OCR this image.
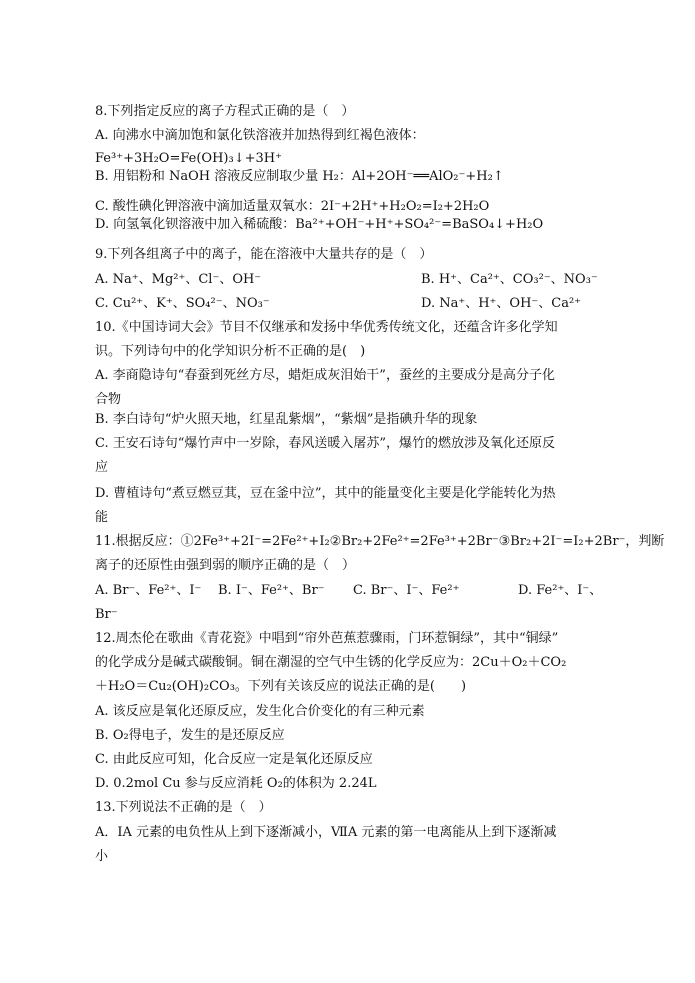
8.下列指定反应的离子方程式正确的是（　）
A. 向沸水中滴加饱和氯化铁溶液并加热得到红褐色液体：
Fe³⁺+3H₂O=Fe(OH)₃↓+3H⁺
B. 用铝粉和 NaOH 溶液反应制取少量 H₂：Al+2OH⁻══AlO₂⁻+H₂↑
C. 酸性碘化钾溶液中滴加适量双氧水：2I⁻+2H⁺+H₂O₂=I₂+2H₂O
D. 向氢氧化钡溶液中加入稀硫酸：Ba²⁺+OH⁻+H⁺+SO₄²⁻=BaSO₄↓+H₂O
9.下列各组离子中的离子，能在溶液中大量共存的是（　）
A. Na⁺、Mg²⁺、Cl⁻、OH⁻	B. H⁺、Ca²⁺、CO₃²⁻、NO₃⁻
C. Cu²⁺、K⁺、SO₄²⁻、NO₃⁻	D. Na⁺、H⁺、OH⁻、Ca²⁺
10.《中国诗词大会》节目不仅继承和发扬中华优秀传统文化，还蕴含许多化学知
识。下列诗句中的化学知识分析不正确的是(　)
A. 李商隐诗句“春蚕到死丝方尽，蜡炬成灰泪始干”，蚕丝的主要成分是高分子化
合物
B. 李白诗句“炉火照天地，红星乱紫烟”，“紫烟”是指碘升华的现象
C. 王安石诗句“爆竹声中一岁除，春风送暖入屠苏”，爆竹的燃放涉及氧化还原反
应
D. 曹植诗句“煮豆燃豆萁，豆在釜中泣”，其中的能量变化主要是化学能转化为热
能
11.根据反应：①2Fe³⁺+2I⁻=2Fe²⁺+I₂②Br₂+2Fe²⁺=2Fe³⁺+2Br⁻③Br₂+2I⁻=I₂+2Br⁻，判断
离子的还原性由强到弱的顺序正确的是（　）
A. Br⁻、Fe²⁺、I⁻ B. I⁻、Fe²⁺、Br⁻ C. Br⁻、I⁻、Fe²⁺	D. Fe²⁺、I⁻、
Br⁻
12.周杰伦在歌曲《青花瓷》中唱到“帘外芭蕉惹骤雨，门环惹铜绿”，其中“铜绿”
的化学成分是碱式碳酸铜。铜在潮湿的空气中生锈的化学反应为：2Cu＋O₂＋CO₂
＋H₂O＝Cu₂(OH)₂CO₃。下列有关该反应的说法正确的是(　　)
A. 该反应是氧化还原反应，发生化合价变化的有三种元素
B. O₂得电子，发生的是还原反应
C. 由此反应可知，化合反应一定是氧化还原反应
D. 0.2mol Cu 参与反应消耗 O₂的体积为 2.24L
13.下列说法不正确的是（　）
A．ⅠA 元素的电负性从上到下逐渐减小，ⅦA 元素的第一电离能从上到下逐渐减
小
